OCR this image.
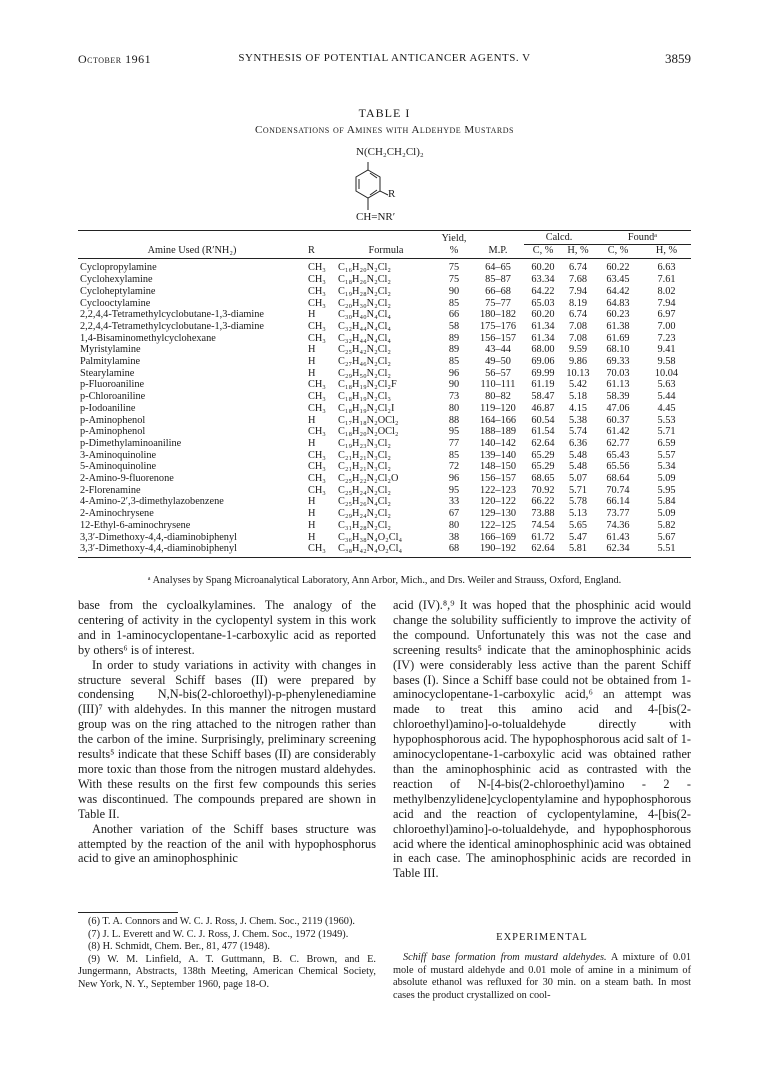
October 1961	SYNTHESIS OF POTENTIAL ANTICANCER AGENTS. V	3859
TABLE I
Condensations of Amines with Aldehyde Mustards
N(CH₂CH₂Cl)₂
R
CH=NR′
			Yield,		Calcd.		Foundᵃ	
Amine Used (R′NH₂)	R	Formula	%	M.P.	C, %	H, %	C, %	H, %
Cyclopropylamine	CH₃	C₁₆H₂₀N₂Cl₂	75	64–65	60.20	6.74	60.22	6.63
Cyclohexylamine	CH₃	C₁₈H₂₆N₂Cl₂	75	85–87	63.34	7.68	63.45	7.61
Cycloheptylamine	CH₃	C₁₉H₂₈N₂Cl₂	90	66–68	64.22	7.94	64.42	8.02
Cyclooctylamine	CH₃	C₂₀H₃₀N₂Cl₂	85	75–77	65.03	8.19	64.83	7.94
2,2,4,4-Tetramethylcyclobutane-1,3-diamine	H	C₃₀H₄₀N₄Cl₄	66	180–182	60.20	6.74	60.23	6.97
2,2,4,4-Tetramethylcyclobutane-1,3-diamine	CH₃	C₃₂H₄₄N₄Cl₄	58	175–176	61.34	7.08	61.38	7.00
1,4-Bisaminomethylcyclohexane	CH₃	C₃₂H₄₄N₄Cl₄	89	156–157	61.34	7.08	61.69	7.23
Myristylamine	H	C₂₅H₄₂N₂Cl₂	89	43–44	68.00	9.59	68.10	9.41
Palmitylamine	H	C₂₇H₄₆N₂Cl₂	85	49–50	69.06	9.86	69.33	9.58
Stearylamine	H	C₂₉H₅₀N₂Cl₂	96	56–57	69.99	10.13	70.03	10.04
p-Fluoroaniline	CH₃	C₁₈H₁₉N₂Cl₂F	90	110–111	61.19	5.42	61.13	5.63
p-Chloroaniline	CH₃	C₁₈H₁₉N₂Cl₃	73	80–82	58.47	5.18	58.39	5.44
p-Iodoaniline	CH₃	C₁₈H₁₉N₂Cl₂I	80	119–120	46.87	4.15	47.06	4.45
p-Aminophenol	H	C₁₇H₁₈N₂OCl₂	88	164–166	60.54	5.38	60.37	5.53
p-Aminophenol	CH₃	C₁₈H₂₀N₂OCl₂	95	188–189	61.54	5.74	61.42	5.71
p-Dimethylaminoaniline	H	C₁₉H₂₃N₃Cl₂	77	140–142	62.64	6.36	62.77	6.59
3-Aminoquinoline	CH₃	C₂₁H₂₁N₃Cl₂	85	139–140	65.29	5.48	65.43	5.57
5-Aminoquinoline	CH₃	C₂₁H₂₁N₃Cl₂	72	148–150	65.29	5.48	65.56	5.34
2-Amino-9-fluorenone	CH₃	C₂₅H₂₂N₂Cl₂O	96	156–157	68.65	5.07	68.64	5.09
2-Florenamine	CH₃	C₂₅H₂₄N₂Cl₂	95	122–123	70.92	5.71	70.74	5.95
4-Amino-2′,3-dimethylazobenzene	H	C₂₅H₂₆N₄Cl₂	33	120–122	66.22	5.78	66.14	5.84
2-Aminochrysene	H	C₂₉H₂₄N₂Cl₂	67	129–130	73.88	5.13	73.77	5.09
12-Ethyl-6-aminochrysene	H	C₃₁H₂₈N₂Cl₂	80	122–125	74.54	5.65	74.36	5.82
3,3′-Dimethoxy-4,4,-diaminobiphenyl	H	C₃₆H₃₈N₄O₂Cl₄	38	166–169	61.72	5.47	61.43	5.67
3,3′-Dimethoxy-4,4,-diaminobiphenyl	CH₃	C₃₈H₄₂N₄O₂Cl₄	68	190–192	62.64	5.81	62.34	5.51
ᵃ Analyses by Spang Microanalytical Laboratory, Ann Arbor, Mich., and Drs. Weiler and Strauss, Oxford, England.

base from the cycloalkylamines. The analogy of the centering of activity in the cyclopentyl system in this work and in 1-aminocyclopentane-1-carboxylic acid as reported by others⁶ is of interest.

In order to study variations in activity with changes in structure several Schiff bases (II) were prepared by condensing N,N-bis(2-chloroethyl)-p-phenylenediamine (III)⁷ with aldehydes. In this manner the nitrogen mustard group was on the ring attached to the nitrogen rather than the carbon of the imine. Surprisingly, preliminary screening results⁵ indicate that these Schiff bases (II) are considerably more toxic than those from the nitrogen mustard aldehydes. With these results on the first few compounds this series was discontinued. The compounds prepared are shown in Table II.

Another variation of the Schiff bases structure was attempted by the reaction of the anil with hypophosphorus acid to give an aminophosphinic

(6) T. A. Connors and W. C. J. Ross, J. Chem. Soc., 2119 (1960).

(7) J. L. Everett and W. C. J. Ross, J. Chem. Soc., 1972 (1949).

(8) H. Schmidt, Chem. Ber., 81, 477 (1948).

(9) W. M. Linfield, A. T. Guttmann, B. C. Brown, and E. Jungermann, Abstracts, 138th Meeting, American Chemical Society, New York, N. Y., September 1960, page 18-O.

acid (IV).⁸,⁹ It was hoped that the phosphinic acid would change the solubility sufficiently to improve the activity of the compound. Unfortunately this was not the case and screening results⁵ indicate that the aminophosphinic acids (IV) were considerably less active than the parent Schiff bases (I). Since a Schiff base could not be obtained from 1-aminocyclopentane-1-carboxylic acid,⁶ an attempt was made to treat this amino acid and 4-[bis(2-chloroethyl)amino]-o-tolualdehyde directly with hypophosphorous acid. The hypophosphorous acid salt of 1-aminocyclopentane-1-carboxylic acid was obtained rather than the aminophosphinic acid as contrasted with the reaction of N-[4-bis(2-chloroethyl)amino - 2 - methylbenzylidene]cyclopentylamine and hypophosphorous acid and the reaction of cyclopentylamine, 4-[bis(2-chloroethyl)amino]-o-tolualdehyde, and hypophosphorous acid where the identical aminophosphinic acid was obtained in each case. The aminophosphinic acids are recorded in Table III.

EXPERIMENTAL
Schiff base formation from mustard aldehydes. A mixture of 0.01 mole of mustard aldehyde and 0.01 mole of amine in a minimum of absolute ethanol was refluxed for 30 min. on a steam bath. In most cases the product crystallized on cool-
